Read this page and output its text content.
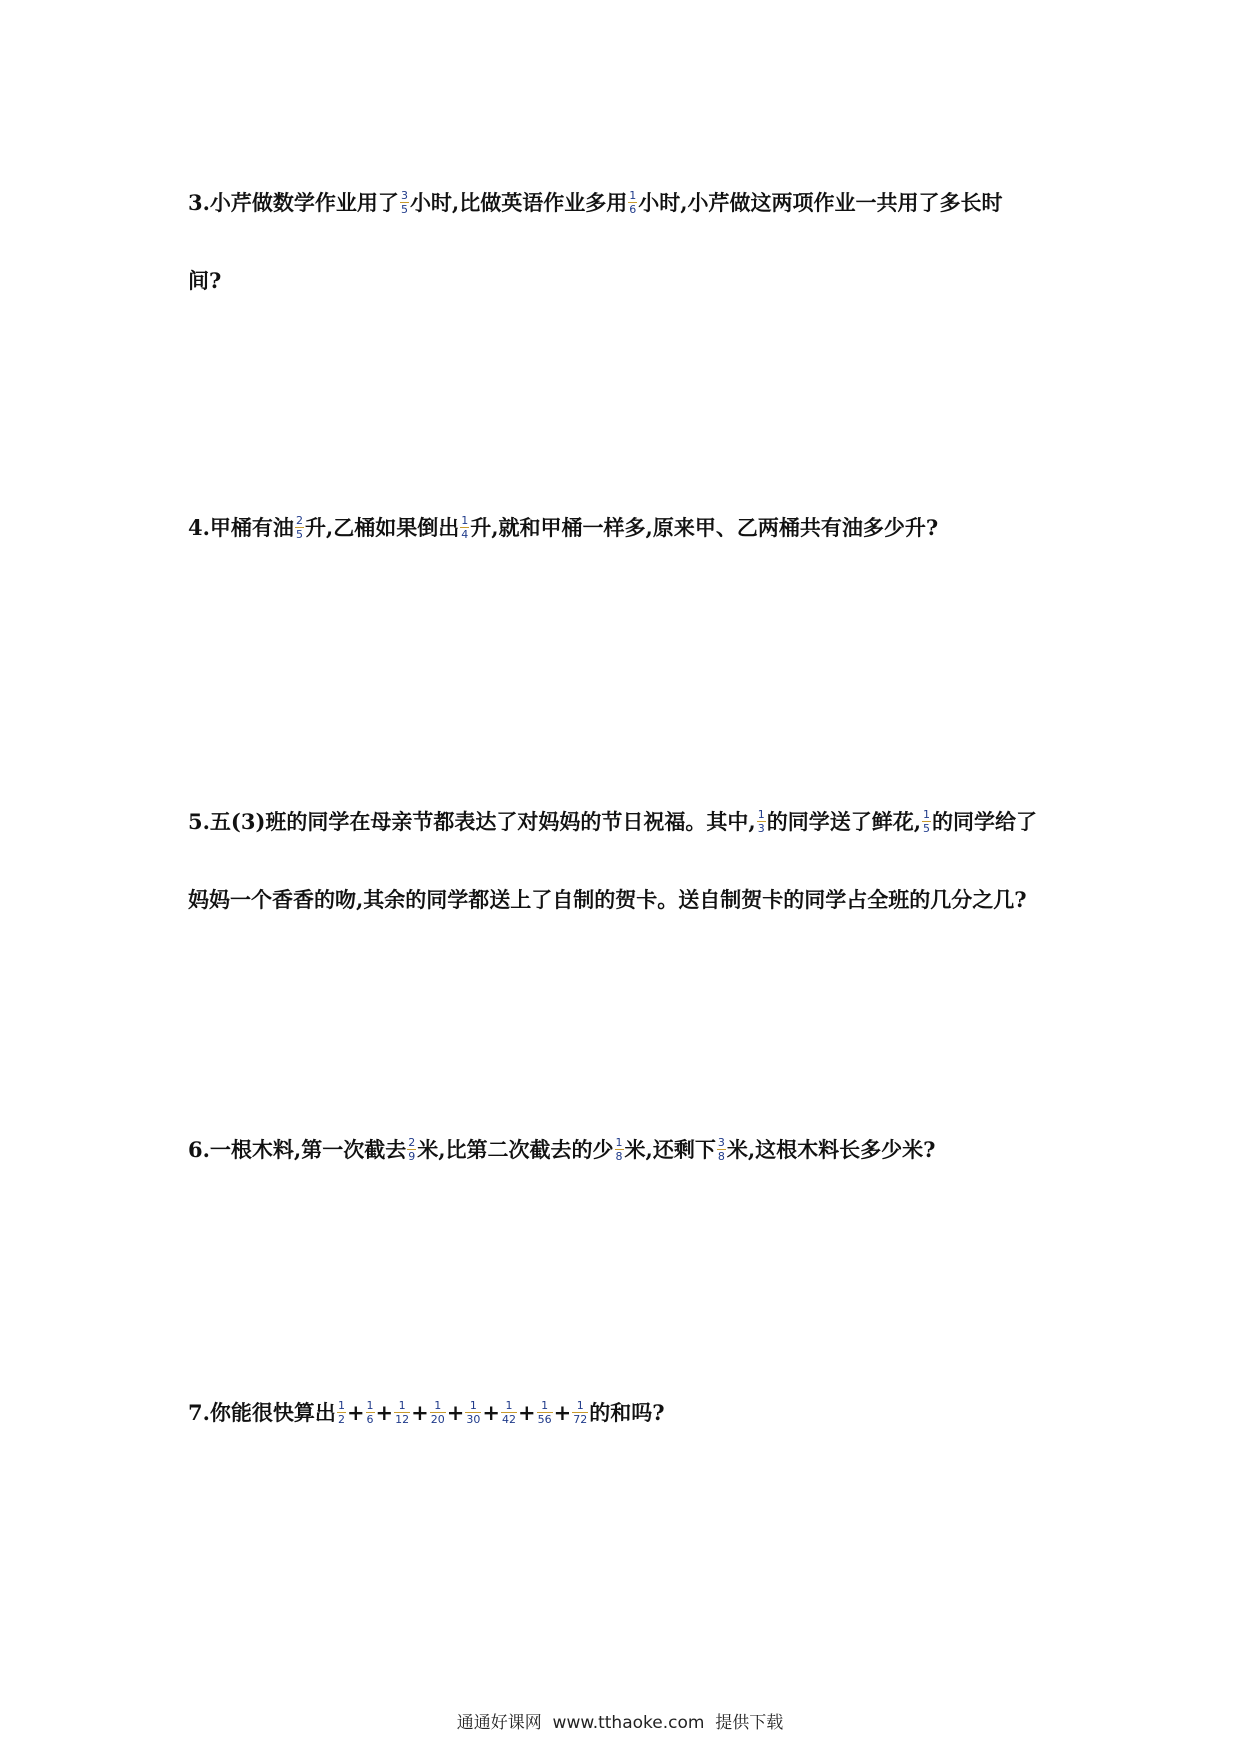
3.小芹做数学作业用了 $\frac{3}{5}$ 小时,比做英语作业多用 $\frac{1}{6}$ 小时,小芹做这两项作业一共用了多长时
间?
4.甲桶有油 $\frac{2}{5}$ 升,乙桶如果倒出 $\frac{1}{4}$ 升,就和甲桶一样多,原来甲、乙两桶共有油多少升?
5.五(3)班的同学在母亲节都表达了对妈妈的节日祝福。其中, $\frac{1}{3}$ 的同学送了鲜花, $\frac{1}{5}$ 的同学给了
妈妈一个香香的吻,其余的同学都送上了自制的贺卡。送自制贺卡的同学占全班的几分之几?
6.一根木料,第一次截去 $\frac{2}{9}$ 米,比第二次截去的少 $\frac{1}{8}$ 米,还剩下 $\frac{3}{8}$ 米,这根木料长多少米?
7.你能很快算出 $\frac{1}{2} + \frac{1}{6} + \frac{1}{12} + \frac{1}{20} + \frac{1}{30} + \frac{1}{42} + \frac{1}{56} + \frac{1}{72}$ 的和吗?
通通好课网  www.tthaoke.com  提供下载
